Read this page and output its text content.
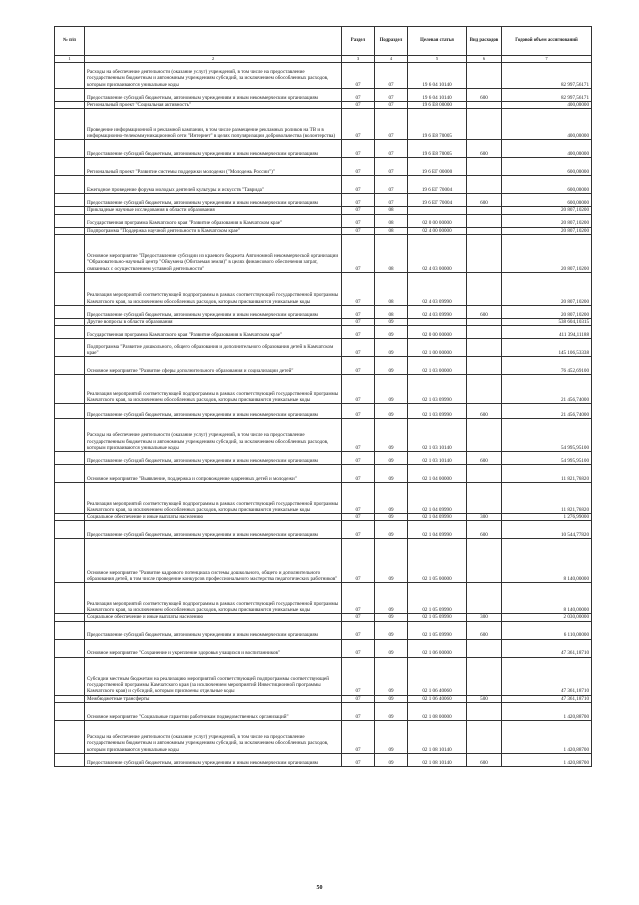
№ п/п		Раздел	Подраздел	Целевая статья	Вид расходов	Годовой объем ассигнований
1	2	3	4	5	6	7
	Расходы на обеспечение деятельности (оказание услуг) учреждений, в том числе на предоставление государственным бюджетным и автономным учреждениям субсидий, за исключением обособленных расходов, которым присваиваются уникальные коды	07	07	19 6 04 10140		82 997,56171
	Предоставление субсидий бюджетным, автономным учреждениям и иным некоммерческим организациям	07	07	19 6 04 10140	600	82 997,56171
	Региональный проект "Социальная активность"	07	07	19 6 E8 00000		400,00000
	Проведение информационной и рекламной кампании, в том числе размещение рекламных роликов на ТВ и в информационно-телекоммуникационной сети "Интернет" в целях популяризации добровольчества (волонтерства)	07	07	19 6 E8 70005		400,00000
	Предоставление субсидий бюджетным, автономным учреждениям и иным некоммерческим организациям	07	07	19 6 E8 70005	600	400,00000
	Региональный проект "Развитие системы поддержки молодежи ("Молодежь России")"	07	07	19 6 EГ 00000		600,00000
	Ежегодное проведение форума молодых деятелей культуры и искусств "Таврида"	07	07	19 6 EГ 70004		600,00000
	Предоставление субсидий бюджетным, автономным учреждениям и иным некоммерческим организациям	07	07	19 6 EГ 70004	600	600,00000
	Прикладные научные исследования в области образования	07	08			20 807,10200
	Государственная программа Камчатского края "Развитие образования в Камчатском крае"	07	08	02 0 00 00000		20 807,10200
	Подпрограмма "Поддержка научной деятельности в Камчатском крае"	07	08	02 4 00 00000		20 807,10200
	Основное мероприятие "Предоставление субсидии из краевого бюджета Автономной некоммерческой организации "Образовательно-научный центр "Ойкумена (Обитаемая земля)" в целях финансового обеспечения затрат, связанных с осуществлением уставной деятельности"	07	08	02 4 03 00000		20 807,10200
	Реализация мероприятий соответствующей подпрограммы в рамках соответствующей государственной программы Камчатского края, за исключением обособленных расходов, которым присваиваются уникальные коды	07	08	02 4 03 09990		20 807,10200
	Предоставление субсидий бюджетным, автономным учреждениям и иным некоммерческим организациям	07	08	02 4 03 09990	600	20 807,10200
	Другие вопросы в области образования	07	09			538 604,10315
	Государственная программа Камчатского края "Развитие образования в Камчатском крае"	07	09	02 0 00 00000		411 394,11188
	Подпрограмма "Развитие дошкольного, общего образования и дополнительного образования детей в Камчатском крае"	07	09	02 1 00 00000		145 106,53338
	Основное мероприятие "Развитие сферы дополнительного образования и социализации детей"	07	09	02 1 03 00000		76 452,69100
	Реализация мероприятий соответствующей подпрограммы в рамках соответствующей государственной программы Камчатского края, за исключением обособленных расходов, которым присваиваются уникальные коды	07	09	02 1 03 09990		21 456,74000
	Предоставление субсидий бюджетным, автономным учреждениям и иным некоммерческим организациям	07	09	02 1 03 09990	600	21 456,74000
	Расходы на обеспечение деятельности (оказание услуг) учреждений, в том числе на предоставление государственным бюджетным и автономным учреждениям субсидий, за исключением обособленных расходов, которым присваиваются уникальные коды	07	09	02 1 03 10140		54 995,95100
	Предоставление субсидий бюджетным, автономным учреждениям и иным некоммерческим организациям	07	09	02 1 03 10140	600	54 995,95100
	Основное мероприятие "Выявление, поддержка и сопровождение одаренных детей и молодежи"	07	09	02 1 04 00000		11 821,76820
	Реализация мероприятий соответствующей подпрограммы в рамках соответствующей государственной программы Камчатского края, за исключением обособленных расходов, которым присваиваются уникальные коды	07	09	02 1 04 09990		11 821,76820
	Социальное обеспечение и иные выплаты населению	07	09	02 1 04 09990	300	1 276,99000
	Предоставление субсидий бюджетным, автономным учреждениям и иным некоммерческим организациям	07	09	02 1 04 09990	600	10 544,77820
	Основное мероприятие "Развитие кадрового потенциала системы дошкольного, общего и дополнительного образования детей, в том числе проведение конкурсов профессионального мастерства педагогических работников"	07	09	02 1 05 00000		8 140,00000
	Реализация мероприятий соответствующей подпрограммы в рамках соответствующей государственной программы Камчатского края, за исключением обособленных расходов, которым присваиваются уникальные коды	07	09	02 1 05 09990		8 140,00000
	Социальное обеспечение и иные выплаты населению	07	09	02 1 05 09990	300	2 030,00000
	Предоставление субсидий бюджетным, автономным учреждениям и иным некоммерческим организациям	07	09	02 1 05 09990	600	6 110,00000
	Основное мероприятие "Сохранение и укрепление здоровья учащихся и воспитанников"	07	09	02 1 06 00000		47 361,18710
	Субсидии местным бюджетам на реализацию мероприятий соответствующей подпрограммы соответствующей государственной программы Камчатского края (за исключением мероприятий Инвестиционной программы Камчатского края) и субсидий, которым присвоены отдельные коды	07	09	02 1 06 40060		47 361,18710
	Межбюджетные трансферты	07	09	02 1 06 40060	500	47 361,18710
	Основное мероприятие "Социальные гарантии работникам подведомственных организаций"	07	09	02 1 08 00000		1 420,88700
	Расходы на обеспечение деятельности (оказание услуг) учреждений, в том числе на предоставление государственным бюджетным и автономным учреждениям субсидий, за исключением обособленных расходов, которым присваиваются уникальные коды	07	09	02 1 08 10140		1 420,88700
	Предоставление субсидий бюджетным, автономным учреждениям и иным некоммерческим организациям	07	09	02 1 08 10140	600	1 420,88700
50
